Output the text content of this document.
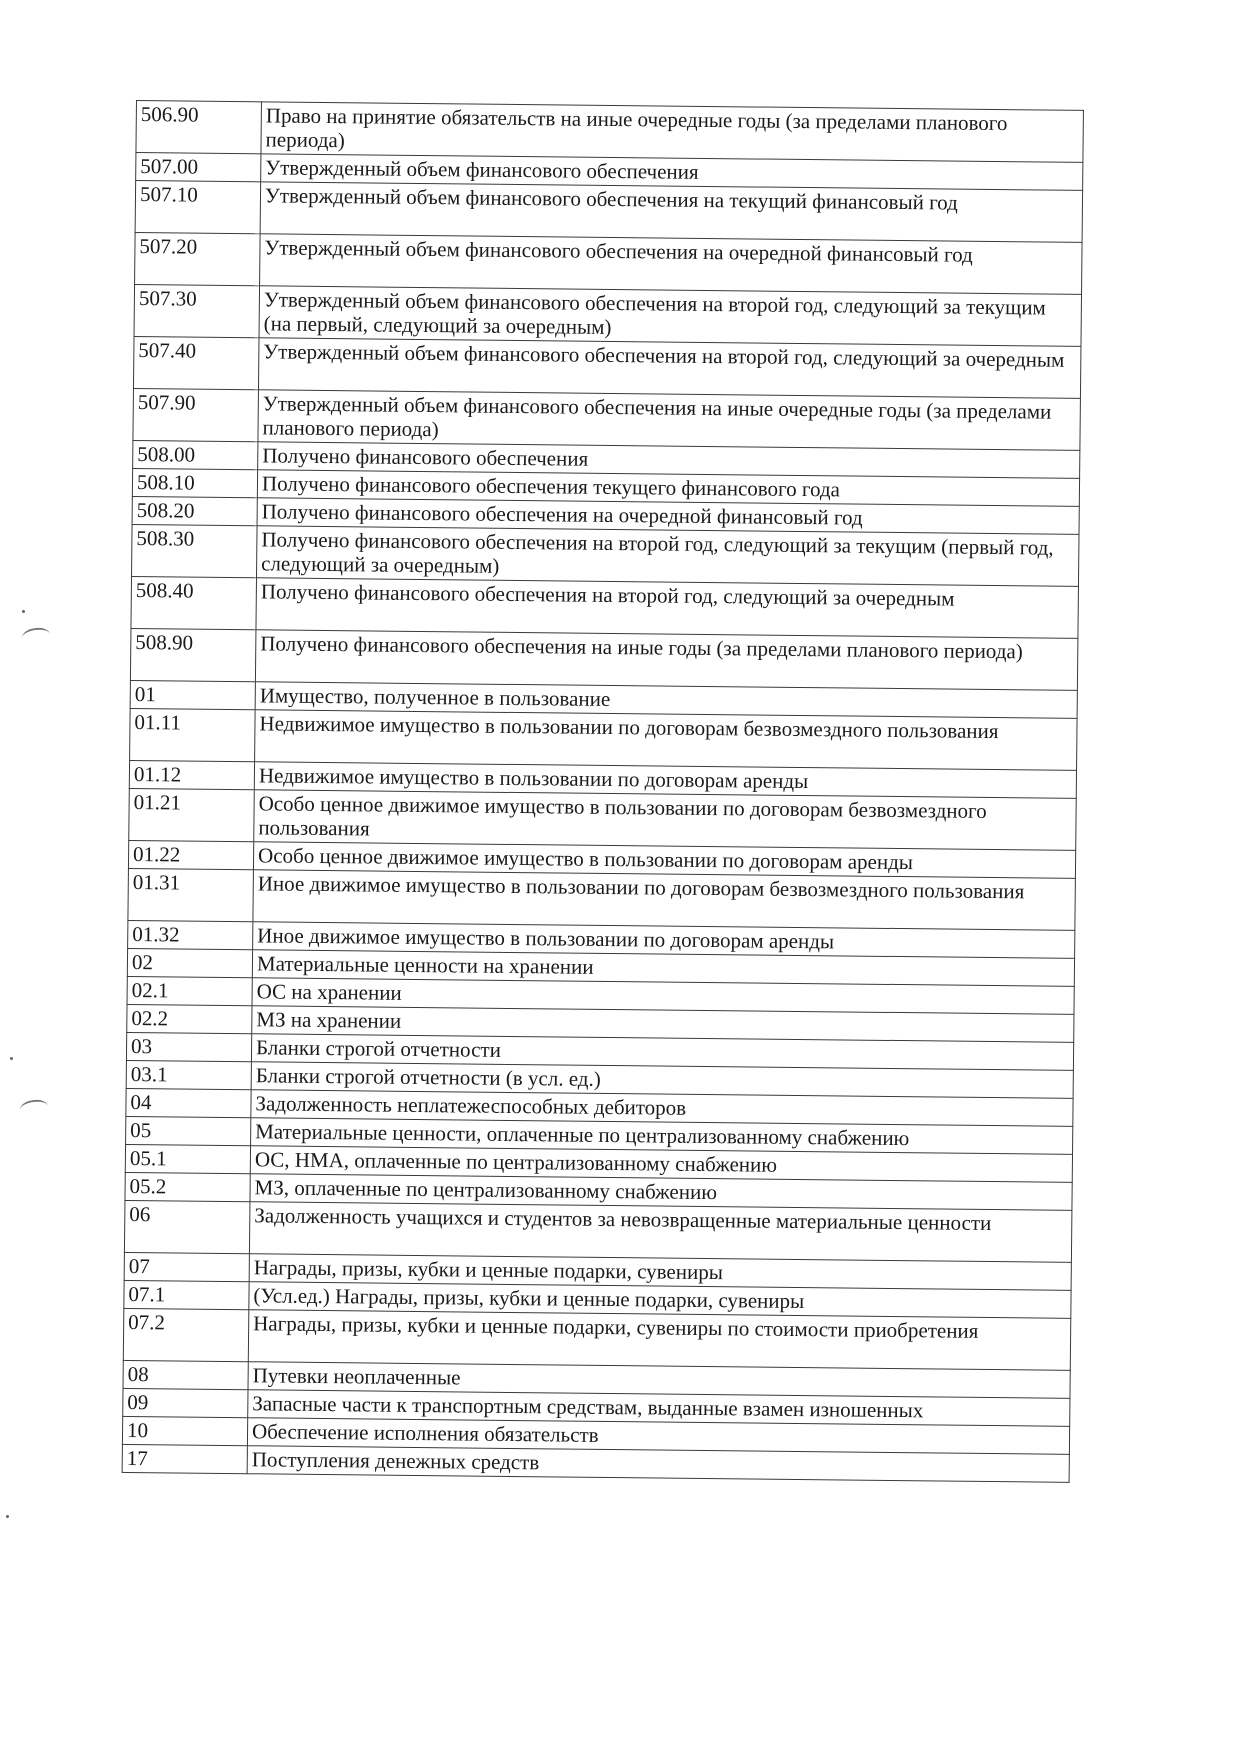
506.90	Право на принятие обязательств на иные очередные годы (за пределами планового периода)
507.00	Утвержденный объем финансового обеспечения
507.10	Утвержденный объем финансового обеспечения на текущий финансовый год
507.20	Утвержденный объем финансового обеспечения на очередной финансовый год
507.30	Утвержденный объем финансового обеспечения на второй год, следующий за текущим (на первый, следующий за очередным)
507.40	Утвержденный объем финансового обеспечения на второй год, следующий за очередным
507.90	Утвержденный объем финансового обеспечения на иные очередные годы (за пределами планового периода)
508.00	Получено финансового обеспечения
508.10	Получено финансового обеспечения текущего финансового года
508.20	Получено финансового обеспечения на очередной финансовый год
508.30	Получено финансового обеспечения на второй год, следующий за текущим (первый год, следующий за очередным)
508.40	Получено финансового обеспечения на второй год, следующий за очередным
508.90	Получено финансового обеспечения на иные годы (за пределами планового периода)
01	Имущество, полученное в пользование
01.11	Недвижимое имущество в пользовании по договорам безвозмездного пользования
01.12	Недвижимое имущество в пользовании по договорам аренды
01.21	Особо ценное движимое имущество в пользовании по договорам безвозмездного пользования
01.22	Особо ценное движимое имущество в пользовании по договорам аренды
01.31	Иное движимое имущество в пользовании по договорам безвозмездного пользования
01.32	Иное движимое имущество в пользовании по договорам аренды
02	Материальные ценности на хранении
02.1	ОС на хранении
02.2	МЗ на хранении
03	Бланки строгой отчетности
03.1	Бланки строгой отчетности (в усл. ед.)
04	Задолженность неплатежеспособных дебиторов
05	Материальные ценности, оплаченные по централизованному снабжению
05.1	ОС, НМА, оплаченные по централизованному снабжению
05.2	МЗ, оплаченные по централизованному снабжению
06	Задолженность учащихся и студентов за невозвращенные материальные ценности
07	Награды, призы, кубки и ценные подарки, сувениры
07.1	(Усл.ед.) Награды, призы, кубки и ценные подарки, сувениры
07.2	Награды, призы, кубки и ценные подарки, сувениры по стоимости приобретения
08	Путевки неоплаченные
09	Запасные части к транспортным средствам, выданные взамен изношенных
10	Обеспечение исполнения обязательств
17	Поступления денежных средств
